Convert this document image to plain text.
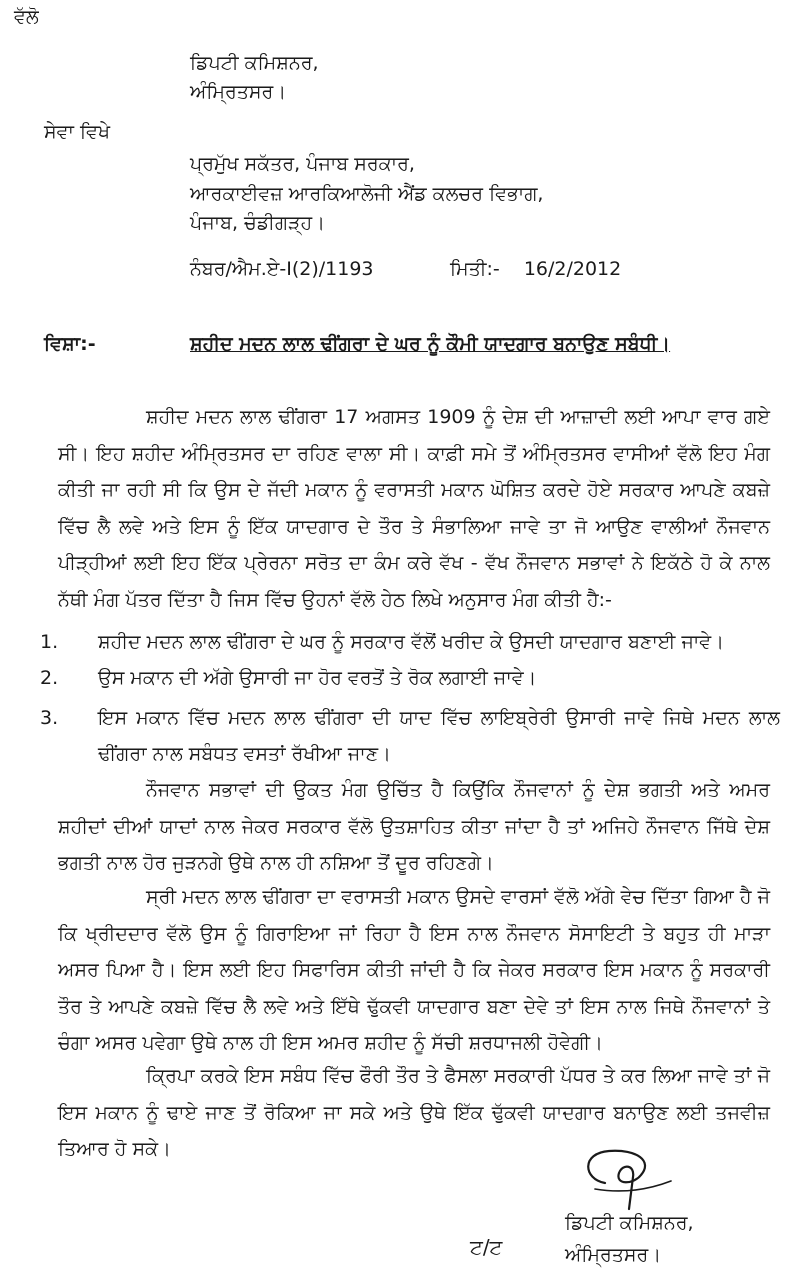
ਵੱਲੋ
ਡਿਪਟੀ ਕਮਿਸ਼ਨਰ,
ਅੰਮ੍ਰਿਤਸਰ।
ਸੇਵਾ ਵਿਖੇ
ਪ੍ਰਮੁੱਖ ਸਕੱਤਰ, ਪੰਜਾਬ ਸਰਕਾਰ,
ਆਰਕਾਈਵਜ਼ ਆਰਕਿਆਲੋਜੀ ਐਂਡ ਕਲਚਰ ਵਿਭਾਗ,
ਪੰਜਾਬ, ਚੰਡੀਗੜ੍ਹ।
ਨੰਬਰ/ਐਮ.ਏ-I(2)/1193	ਮਿਤੀ:- 16/2/2012
ਵਿਸ਼ਾ:-	ਸ਼ਹੀਦ ਮਦਨ ਲਾਲ ਢੀਂਗਰਾ ਦੇ ਘਰ ਨੂੰ ਕੌਮੀ ਯਾਦਗਾਰ ਬਨਾਉਣ ਸਬੰਧੀ।
ਸ਼ਹੀਦ ਮਦਨ ਲਾਲ ਢੀਂਗਰਾ 17 ਅਗਸਤ 1909 ਨੂੰ ਦੇਸ਼ ਦੀ ਆਜ਼ਾਦੀ ਲਈ ਆਪਾ ਵਾਰ ਗਏ ਸੀ। ਇਹ ਸ਼ਹੀਦ ਅੰਮ੍ਰਿਤਸਰ ਦਾ ਰਹਿਣ ਵਾਲਾ ਸੀ। ਕਾਫ਼ੀ ਸਮੇ ਤੋਂ ਅੰਮ੍ਰਿਤਸਰ ਵਾਸੀਆਂ ਵੱਲੋ ਇਹ ਮੰਗ ਕੀਤੀ ਜਾ ਰਹੀ ਸੀ ਕਿ ਉਸ ਦੇ ਜੱਦੀ ਮਕਾਨ ਨੂੰ ਵਰਾਸਤੀ ਮਕਾਨ ਘੋਸ਼ਿਤ ਕਰਦੇ ਹੋਏ ਸਰਕਾਰ ਆਪਣੇ ਕਬਜ਼ੇ ਵਿੱਚ ਲੈ ਲਵੇ ਅਤੇ ਇਸ ਨੂੰ ਇੱਕ ਯਾਦਗਾਰ ਦੇ ਤੌਰ ਤੇ ਸੰਭਾਲਿਆ ਜਾਵੇ ਤਾ ਜੋ ਆਉਣ ਵਾਲੀਆਂ ਨੌਜਵਾਨ ਪੀੜ੍ਹੀਆਂ ਲਈ ਇਹ ਇੱਕ ਪ੍ਰੇਰਨਾ ਸਰੋਤ ਦਾ ਕੰਮ ਕਰੇ ਵੱਖ - ਵੱਖ ਨੌਜਵਾਨ ਸਭਾਵਾਂ ਨੇ ਇਕੱਠੇ ਹੋ ਕੇ ਨਾਲ ਨੱਥੀ ਮੰਗ ਪੱਤਰ ਦਿੱਤਾ ਹੈ ਜਿਸ ਵਿੱਚ ਉਹਨਾਂ ਵੱਲੋ ਹੇਠ ਲਿਖੇ ਅਨੁਸਾਰ ਮੰਗ ਕੀਤੀ ਹੈ:-
1.	ਸ਼ਹੀਦ ਮਦਨ ਲਾਲ ਢੀਂਗਰਾ ਦੇ ਘਰ ਨੂੰ ਸਰਕਾਰ ਵੱਲੋਂ ਖਰੀਦ ਕੇ ਉਸਦੀ ਯਾਦਗਾਰ ਬਣਾਈ ਜਾਵੇ।
2.	ਉਸ ਮਕਾਨ ਦੀ ਅੱਗੇ ਉਸਾਰੀ ਜਾ ਹੋਰ ਵਰਤੋਂ ਤੇ ਰੋਕ ਲਗਾਈ ਜਾਵੇ।
3.	ਇਸ ਮਕਾਨ ਵਿੱਚ ਮਦਨ ਲਾਲ ਢੀਂਗਰਾ ਦੀ ਯਾਦ ਵਿੱਚ ਲਾਇਬ੍ਰੇਰੀ ਉਸਾਰੀ ਜਾਵੇ ਜਿਥੇ ਮਦਨ ਲਾਲ ਢੀਂਗਰਾ ਨਾਲ ਸਬੰਧਤ ਵਸਤਾਂ ਰੱਖੀਆ ਜਾਣ।
ਨੌਜਵਾਨ ਸਭਾਵਾਂ ਦੀ ਉਕਤ ਮੰਗ ਉਚਿੱਤ ਹੈ ਕਿਉਂਕਿ ਨੌਜਵਾਨਾਂ ਨੂੰ ਦੇਸ਼ ਭਗਤੀ ਅਤੇ ਅਮਰ ਸ਼ਹੀਦਾਂ ਦੀਆਂ ਯਾਦਾਂ ਨਾਲ ਜੇਕਰ ਸਰਕਾਰ ਵੱਲੋ ਉਤਸ਼ਾਹਿਤ ਕੀਤਾ ਜਾਂਦਾ ਹੈ ਤਾਂ ਅਜਿਹੇ ਨੌਜਵਾਨ ਜਿੱਥੇ ਦੇਸ਼ ਭਗਤੀ ਨਾਲ ਹੋਰ ਜੁੜਨਗੇ ਉਥੇ ਨਾਲ ਹੀ ਨਸ਼ਿਆ ਤੋਂ ਦੂਰ ਰਹਿਣਗੇ।
ਸ੍ਰੀ ਮਦਨ ਲਾਲ ਢੀਂਗਰਾ ਦਾ ਵਰਾਸਤੀ ਮਕਾਨ ਉਸਦੇ ਵਾਰਸਾਂ ਵੱਲੋ ਅੱਗੇ ਵੇਚ ਦਿੱਤਾ ਗਿਆ ਹੈ ਜੋ ਕਿ ਖ੍ਰੀਦਦਾਰ ਵੱਲੋ ਉਸ ਨੂੰ ਗਿਰਾਇਆ ਜਾਂ ਰਿਹਾ ਹੈ ਇਸ ਨਾਲ ਨੌਜਵਾਨ ਸੋਸਾਇਟੀ ਤੇ ਬਹੁਤ ਹੀ ਮਾੜਾ ਅਸਰ ਪਿਆ ਹੈ। ਇਸ ਲਈ ਇਹ ਸਿਫਾਰਿਸ ਕੀਤੀ ਜਾਂਦੀ ਹੈ ਕਿ ਜੇਕਰ ਸਰਕਾਰ ਇਸ ਮਕਾਨ ਨੂੰ ਸਰਕਾਰੀ ਤੌਰ ਤੇ ਆਪਣੇ ਕਬਜ਼ੇ ਵਿੱਚ ਲੈ ਲਵੇ ਅਤੇ ਇੱਥੇ ਢੁੱਕਵੀ ਯਾਦਗਾਰ ਬਣਾ ਦੇਵੇ ਤਾਂ ਇਸ ਨਾਲ ਜਿਥੇ ਨੌਜਵਾਨਾਂ ਤੇ ਚੰਗਾ ਅਸਰ ਪਵੇਗਾ ਉਥੇ ਨਾਲ ਹੀ ਇਸ ਅਮਰ ਸ਼ਹੀਦ ਨੂੰ ਸੱਚੀ ਸ਼ਰਧਾਜਲੀ ਹੋਵੇਗੀ।
ਕ੍ਰਿਪਾ ਕਰਕੇ ਇਸ ਸਬੰਧ ਵਿੱਚ ਫੌਰੀ ਤੌਰ ਤੇ ਫੈਸਲਾ ਸਰਕਾਰੀ ਪੱਧਰ ਤੇ ਕਰ ਲਿਆ ਜਾਵੇ ਤਾਂ ਜੋ ਇਸ ਮਕਾਨ ਨੂੰ ਢਾਏ ਜਾਣ ਤੋਂ ਰੋਕਿਆ ਜਾ ਸਕੇ ਅਤੇ ਉਥੇ ਇੱਕ ਢੁੱਕਵੀ ਯਾਦਗਾਰ ਬਨਾਉਣ ਲਈ ਤਜਵੀਜ਼ ਤਿਆਰ ਹੋ ਸਕੇ।
ਟ/ਟ
ਡਿਪਟੀ ਕਮਿਸ਼ਨਰ,
ਅੰਮ੍ਰਿਤਸਰ।
